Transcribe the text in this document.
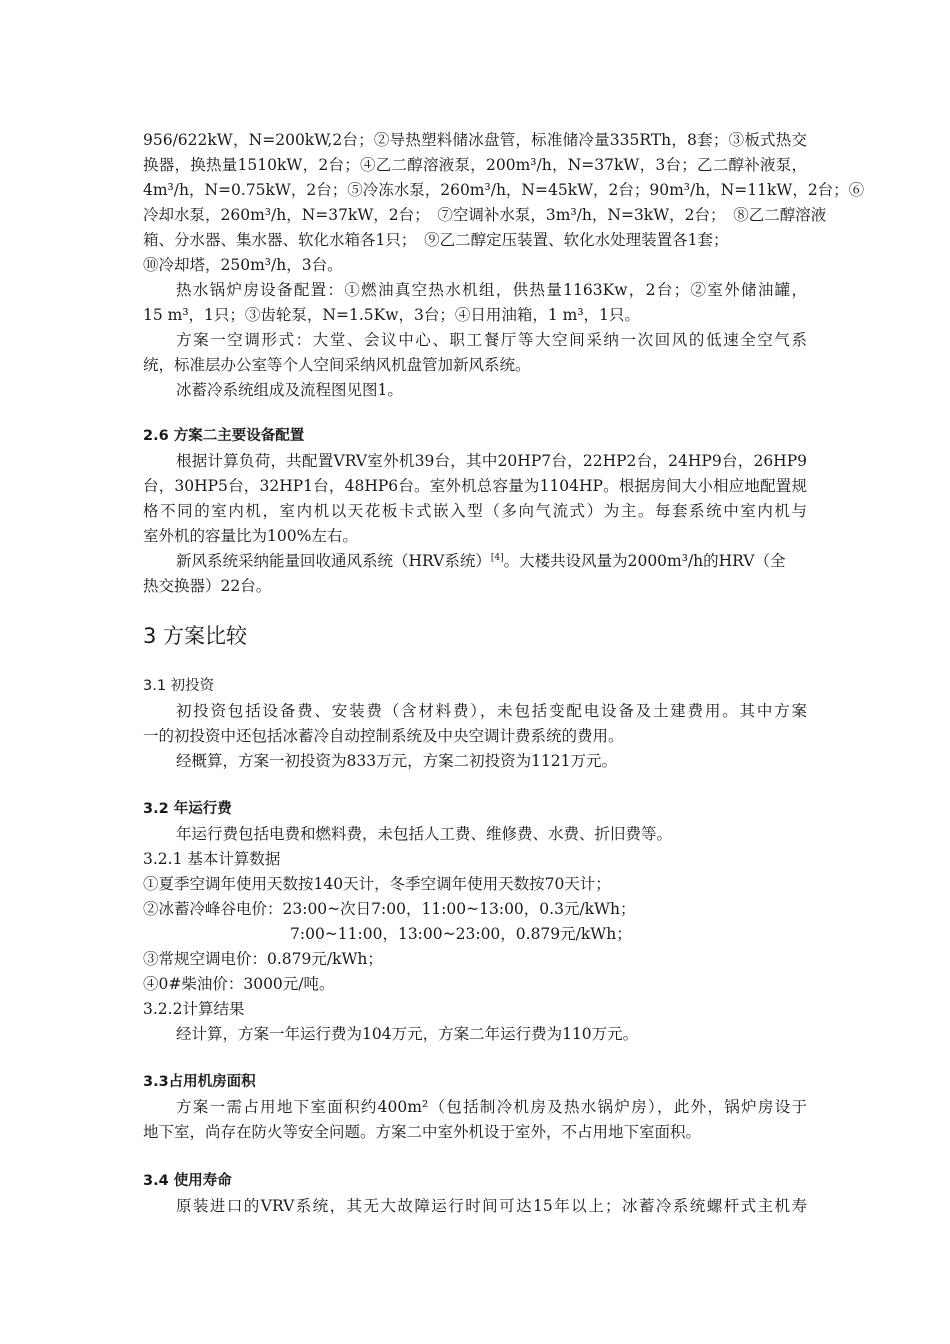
956/622kW，N=200kW,2台；②导热塑料储冰盘管，标准储冷量335RTh，8套；③板式热交
换器，换热量1510kW，2台；④乙二醇溶液泵，200m³/h，N=37kW，3台；乙二醇补液泵，
4m³/h，N=0.75kW，2台；⑤冷冻水泵，260m³/h，N=45kW，2台；90m³/h，N=11kW，2台；⑥
冷却水泵，260m³/h，N=37kW，2台；　⑦空调补水泵，3m³/h，N=3kW，2台；　⑧乙二醇溶液
箱、分水器、集水器、软化水箱各1只；　⑨乙二醇定压装置、软化水处理装置各1套；
⑩冷却塔，250m³/h，3台。
热水锅炉房设备配置：①燃油真空热水机组，供热量1163Kw，2台；②室外储油罐，
15 m³，1只；③齿轮泵，N=1.5Kw，3台；④日用油箱，1 m³，1只。
方案一空调形式：大堂、会议中心、职工餐厅等大空间采纳一次回风的低速全空气系
统，标准层办公室等个人空间采纳风机盘管加新风系统。
冰蓄冷系统组成及流程图见图1。
2.6 方案二主要设备配置
根据计算负荷，共配置VRV室外机39台，其中20HP7台，22HP2台，24HP9台，26HP9
台，30HP5台，32HP1台，48HP6台。室外机总容量为1104HP。根据房间大小相应地配置规
格不同的室内机，室内机以天花板卡式嵌入型（多向气流式）为主。每套系统中室内机与
室外机的容量比为100%左右。
新风系统采纳能量回收通风系统（HRV系统）[4]。大楼共设风量为2000m³/h的HRV（全
热交换器）22台。
3 方案比较
3.1 初投资
初投资包括设备费、安装费（含材料费），未包括变配电设备及土建费用。其中方案
一的初投资中还包括冰蓄冷自动控制系统及中央空调计费系统的费用。
经概算，方案一初投资为833万元，方案二初投资为1121万元。
3.2 年运行费
年运行费包括电费和燃料费，未包括人工费、维修费、水费、折旧费等。
3.2.1 基本计算数据
①夏季空调年使用天数按140天计，冬季空调年使用天数按70天计；
②冰蓄冷峰谷电价：23:00~次日7:00，11:00~13:00，0.3元/kWh；
7:00~11:00，13:00~23:00，0.879元/kWh；
③常规空调电价：0.879元/kWh；
④0#柴油价：3000元/吨。
3.2.2计算结果
经计算，方案一年运行费为104万元，方案二年运行费为110万元。
3.3占用机房面积
方案一需占用地下室面积约400m²（包括制冷机房及热水锅炉房），此外，锅炉房设于
地下室，尚存在防火等安全问题。方案二中室外机设于室外，不占用地下室面积。
3.4 使用寿命
原装进口的VRV系统，其无大故障运行时间可达15年以上；冰蓄冷系统螺杆式主机寿
